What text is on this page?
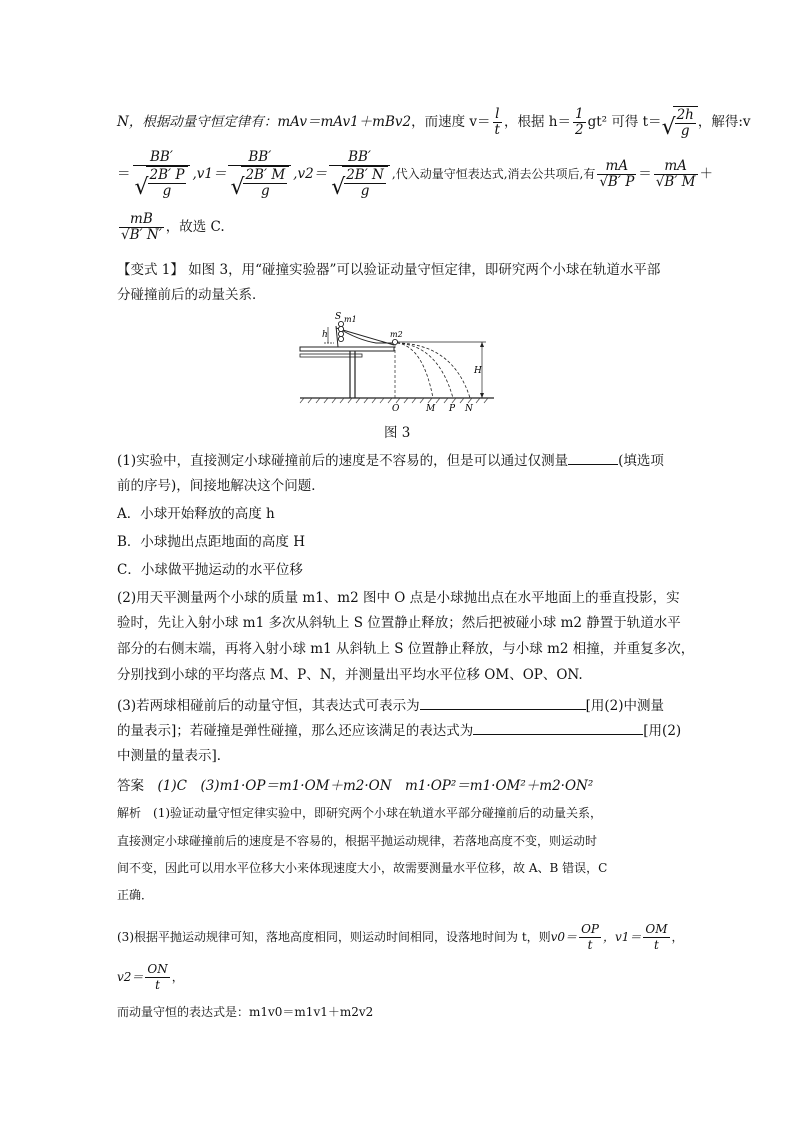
N，根据动量守恒定律有：mAv＝mAv1＋mBv2，而速度 $v= \frac{l}{t}$ ，根据 $h= \frac{1}{2} gt^2$ 可得 t＝ √
$\frac{2h}{g}$ ，解得:v
＝ BB′
√
$\frac{2B' P}{g} ,v1= BB'$
√
$\frac{2B' M}{g} ,v2= BB'$
√
$\frac{2B' N}{g}$ ,代入动量守恒表达式,消去公共项后,有 $\frac{mA}{√B' P} = \frac{mA}{√B' M}$ ＋
$\frac{mB}{√B' N'}$ ，故选 C.
【变式 1】 如图 3，用“碰撞实验器”可以验证动量守恒定律，即研究两个小球在轨道水平部
分碰撞前后的动量关系．
S m1
h	m2
H
O	M P N
图 3
(1)实验中，直接测定小球碰撞前后的速度是不容易的，但是可以通过仅测量	(填选项
前的序号)，间接地解决这个问题．
A．小球开始释放的高度 h
B．小球抛出点距地面的高度 H
C．小球做平抛运动的水平位移
(2)用天平测量两个小球的质量 m1、m2 图中 O 点是小球抛出点在水平地面上的垂直投影，实
验时，先让入射小球 m1 多次从斜轨上 S 位置静止释放；然后把被碰小球 m2 静置于轨道水平
部分的右侧末端，再将入射小球 m1 从斜轨上 S 位置静止释放，与小球 m2 相撞，并重复多次，
分别找到小球的平均落点 M、P、N，并测量出平均水平位移 OM、OP、ON.
(3)若两球相碰前后的动量守恒，其表达式可表示为	[用(2)中测量
的量表示]；若碰撞是弹性碰撞，那么还应该满足的表达式为	[用(2)
中测量的量表示]．
答案　 (1)C　(3)m1·OP＝m1·OM＋m2·ON　m1·OP²＝m1·OM²＋m2·ON²
解析　 (1)验证动量守恒定律实验中，即研究两个小球在轨道水平部分碰撞前后的动量关系，
直接测定小球碰撞前后的速度是不容易的，根据平抛运动规律，若落地高度不变，则运动时
间不变，因此可以用水平位移大小来体现速度大小，故需要测量水平位移，故 A、B 错误，C
正确．
(3)根据平抛运动规律可知，落地高度相同，则运动时间相同，设落地时间为 t，则$v0= \frac{OP}{t}$ ，$v1= \frac{OM}{t}$ ，
$v2= \frac{ON}{t}$ ，
而动量守恒的表达式是：m1v0＝m1v1＋m2v2
